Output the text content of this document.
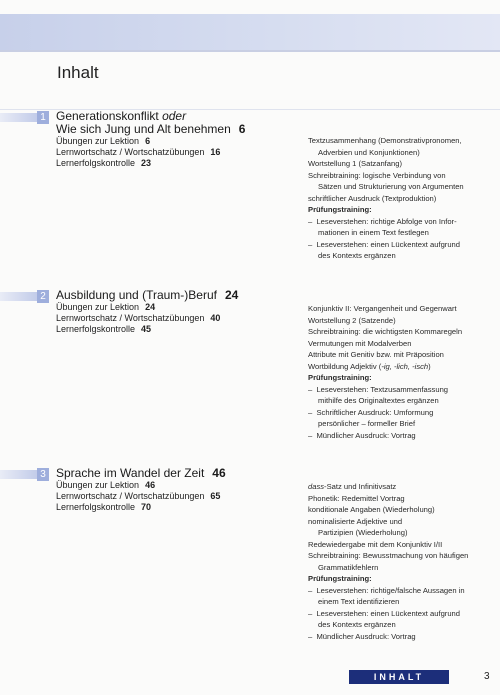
Inhalt
1 Generationskonflikt oder
Wie sich Jung und Alt benehmen 6
Übungen zur Lektion 6
Lernwortschatz / Wortschatzübungen 16
Lernerfolgskontrolle 23
Textzusammenhang (Demonstrativpronomen,
Adverbien und Konjunktionen)
Wortstellung 1 (Satzanfang)
Schreibtraining: logische Verbindung von
Sätzen und Strukturierung von Argumenten
schriftlicher Ausdruck (Textproduktion)
Prüfungstraining:
–  Leseverstehen: richtige Abfolge von Infor-
mationen in einem Text festlegen
–  Leseverstehen: einen Lückentext aufgrund
des Kontexts ergänzen
2 Ausbildung und (Traum-)Beruf 24
Übungen zur Lektion 24
Lernwortschatz / Wortschatzübungen 40
Lernerfolgskontrolle 45
Konjunktiv II: Vergangenheit und Gegenwart
Wortstellung 2 (Satzende)
Schreibtraining: die wichtigsten Kommaregeln
Vermutungen mit Modalverben
Attribute mit Genitiv bzw. mit Präposition
Wortbildung Adjektiv (-ig, -lich, -isch)
Prüfungstraining:
–  Leseverstehen: Textzusammenfassung
mithilfe des Originaltextes ergänzen
–  Schriftlicher Ausdruck: Umformung
persönlicher – formeller Brief
–  Mündlicher Ausdruck: Vortrag
3 Sprache im Wandel der Zeit 46
Übungen zur Lektion 46
Lernwortschatz / Wortschatzübungen 65
Lernerfolgskontrolle 70
dass-Satz und Infinitivsatz
Phonetik: Redemittel Vortrag
konditionale Angaben (Wiederholung)
nominalisierte Adjektive und
Partizipien (Wiederholung)
Redewiedergabe mit dem Konjunktiv I/II
Schreibtraining: Bewusstmachung von häufigen
Grammatikfehlern
Prüfungstraining:
–  Leseverstehen: richtige/falsche Aussagen in
einem Text identifizieren
–  Leseverstehen: einen Lückentext aufgrund
des Kontexts ergänzen
–  Mündlicher Ausdruck: Vortrag
INHALT	3
